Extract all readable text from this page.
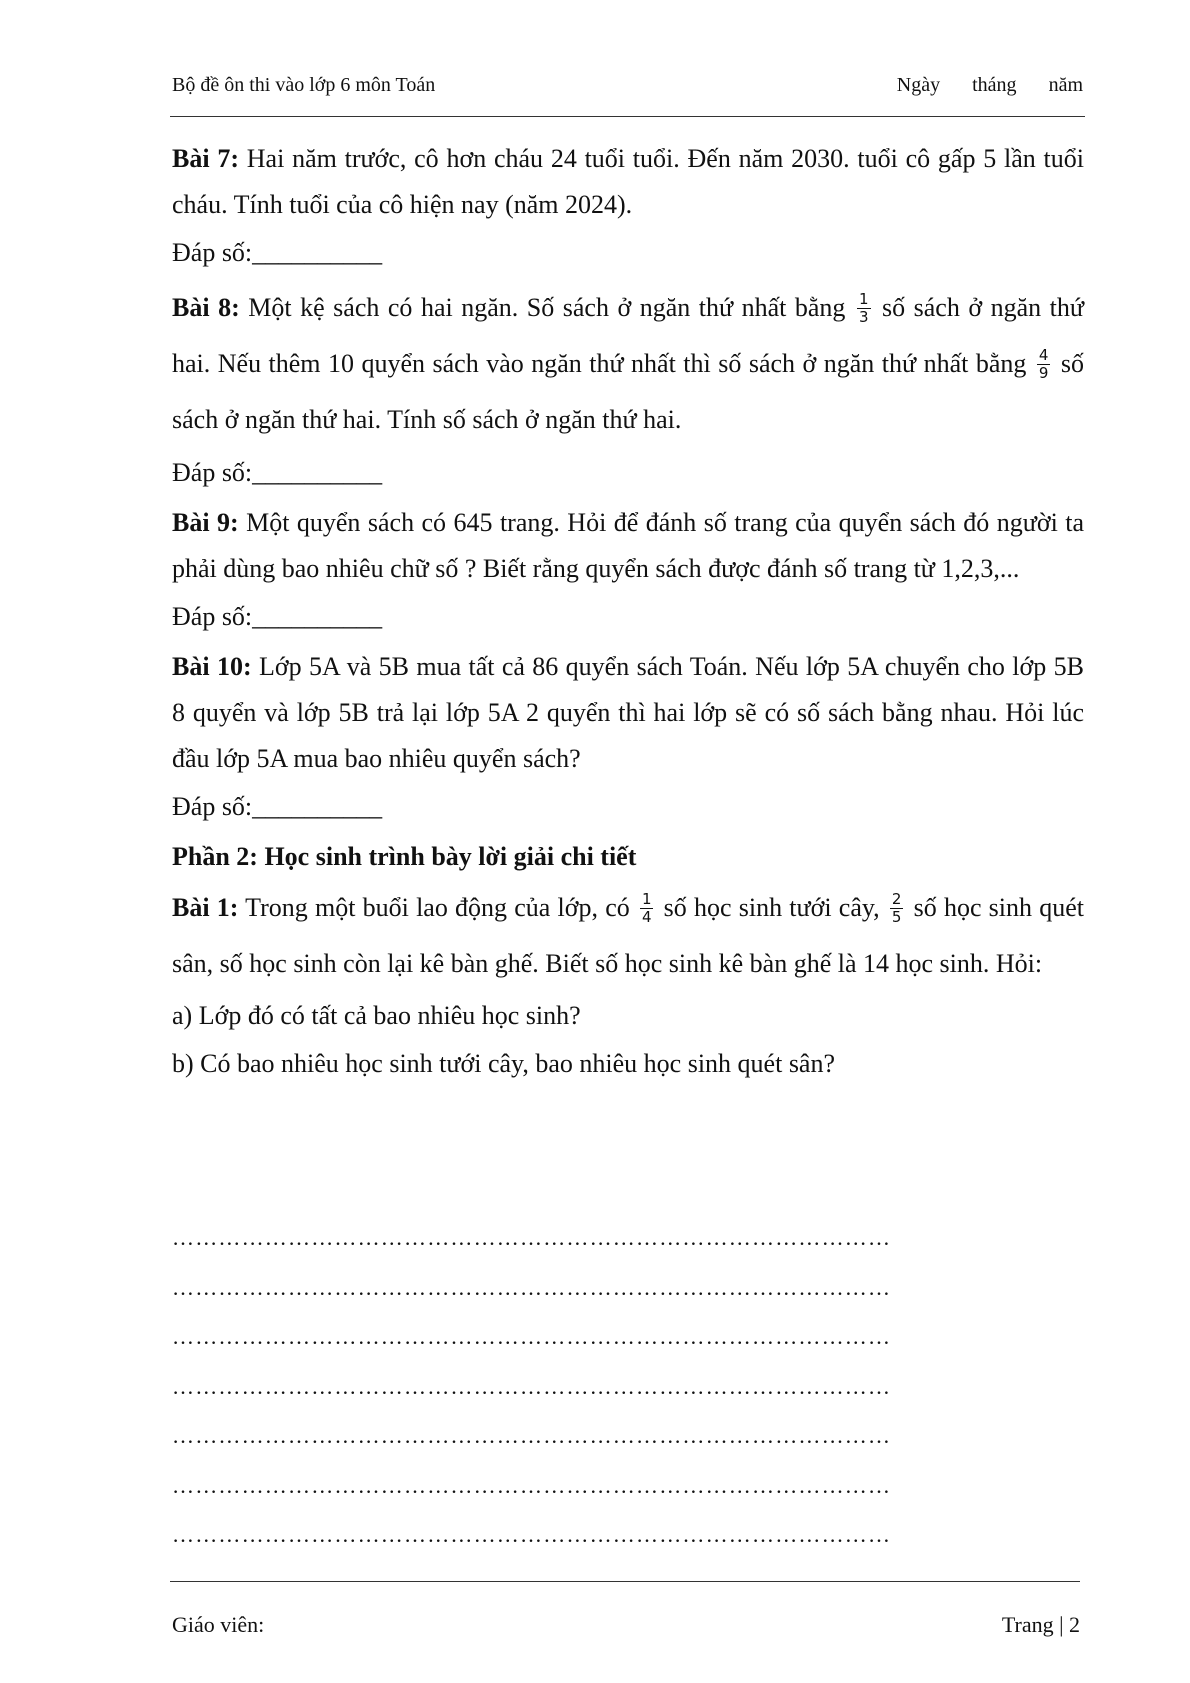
Bộ đề ôn thi vào lớp 6 môn Toán	Ngày tháng năm
Bài 7: Hai năm trước, cô hơn cháu 24 tuổi tuổi. Đến năm 2030. tuổi cô gấp 5 lần tuổi cháu. Tính tuổi của cô hiện nay (năm 2024).
Đáp số:__________
Bài 8: Một kệ sách có hai ngăn. Số sách ở ngăn thứ nhất bằng $\frac{1}{3}$ số sách ở ngăn thứ hai. Nếu thêm 10 quyển sách vào ngăn thứ nhất thì số sách ở ngăn thứ nhất bằng $\frac{4}{9}$ số sách ở ngăn thứ hai. Tính số sách ở ngăn thứ hai.
Đáp số:__________
Bài 9: Một quyển sách có 645 trang. Hỏi để đánh số trang của quyển sách đó người ta phải dùng bao nhiêu chữ số ? Biết rằng quyển sách được đánh số trang từ 1,2,3,...
Đáp số:__________
Bài 10: Lớp 5A và 5B mua tất cả 86 quyển sách Toán. Nếu lớp 5A chuyển cho lớp 5B 8 quyển và lớp 5B trả lại lớp 5A 2 quyển thì hai lớp sẽ có số sách bằng nhau. Hỏi lúc đầu lớp 5A mua bao nhiêu quyển sách?
Đáp số:__________
Phần 2: Học sinh trình bày lời giải chi tiết
Bài 1: Trong một buổi lao động của lớp, có $\frac{1}{4}$ số học sinh tưới cây, $\frac{2}{5}$ số học sinh quét sân, số học sinh còn lại kê bàn ghế. Biết số học sinh kê bàn ghế là 14 học sinh. Hỏi:
a) Lớp đó có tất cả bao nhiêu học sinh?
b) Có bao nhiêu học sinh tưới cây, bao nhiêu học sinh quét sân?
…………………………………………………………………………………
…………………………………………………………………………………
…………………………………………………………………………………
…………………………………………………………………………………
…………………………………………………………………………………
…………………………………………………………………………………
…………………………………………………………………………………
Giáo viên:	Trang | 2
